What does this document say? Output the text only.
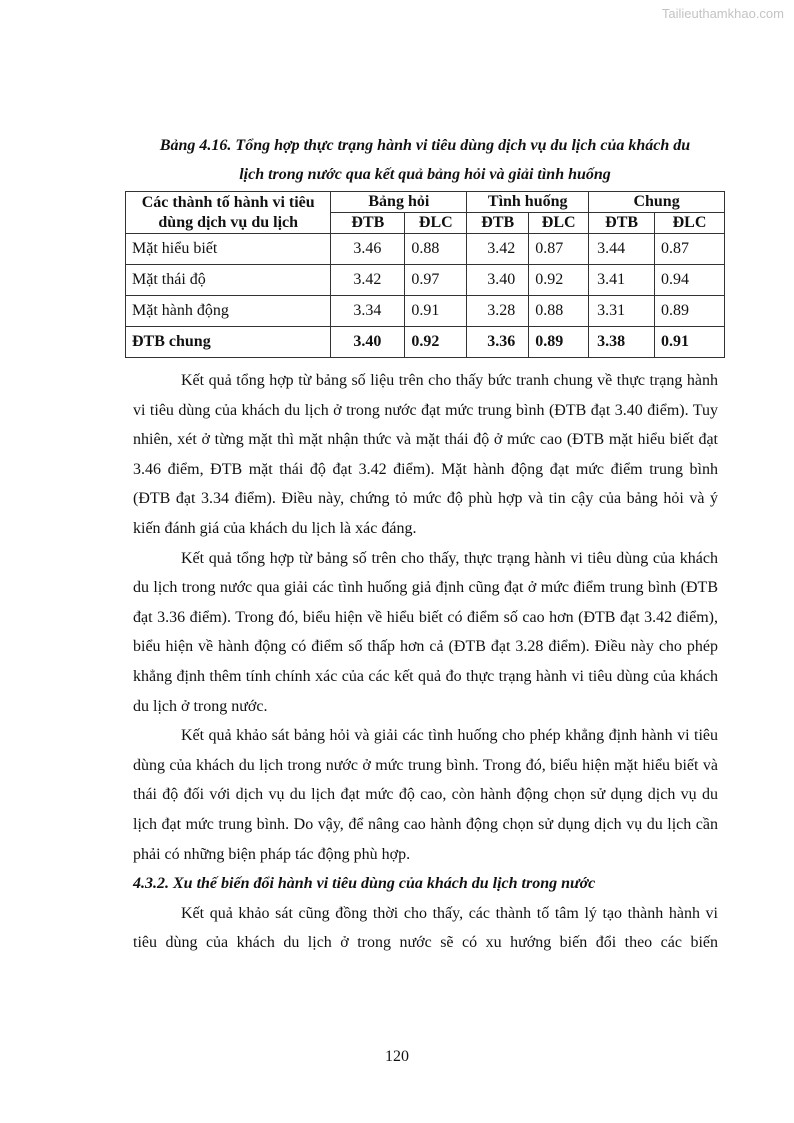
Tailieuthamkhao.com
Bảng 4.16. Tổng hợp thực trạng hành vi tiêu dùng dịch vụ du lịch của khách du
lịch trong nước qua kết quả bảng hỏi và giải tình huống
Các thành tố hành vi tiêu dùng dịch vụ du lịch	Bảng hỏi		Tình huống		Chung	
	ĐTB	ĐLC	ĐTB	ĐLC	ĐTB	ĐLC
Mặt hiểu biết	3.46	0.88	3.42	0.87	3.44	0.87
Mặt thái độ	3.42	0.97	3.40	0.92	3.41	0.94
Mặt hành động	3.34	0.91	3.28	0.88	3.31	0.89
ĐTB chung	3.40	0.92	3.36	0.89	3.38	0.91

Kết quả tổng hợp từ bảng số liệu trên cho thấy bức tranh chung về thực trạng hành vi tiêu dùng của khách du lịch ở trong nước đạt mức trung bình (ĐTB đạt 3.40 điểm). Tuy nhiên, xét ở từng mặt thì mặt nhận thức và mặt thái độ ở mức cao (ĐTB mặt hiểu biết đạt 3.46 điểm, ĐTB mặt thái độ đạt 3.42 điểm). Mặt hành động đạt mức điểm trung bình (ĐTB đạt 3.34 điểm). Điều này, chứng tỏ mức độ phù hợp và tin cậy của bảng hỏi và ý kiến đánh giá của khách du lịch là xác đáng.

Kết quả tổng hợp từ bảng số trên cho thấy, thực trạng hành vi tiêu dùng của khách du lịch trong nước qua giải các tình huống giả định cũng đạt ở mức điểm trung bình (ĐTB đạt 3.36 điểm). Trong đó, biểu hiện về hiểu biết có điểm số cao hơn (ĐTB đạt 3.42 điểm), biểu hiện về hành động có điểm số thấp hơn cả (ĐTB đạt 3.28 điểm). Điều này cho phép khẳng định thêm tính chính xác của các kết quả đo thực trạng hành vi tiêu dùng của khách du lịch ở trong nước.

Kết quả khảo sát bảng hỏi và giải các tình huống cho phép khẳng định hành vi tiêu dùng của khách du lịch trong nước ở mức trung bình. Trong đó, biểu hiện mặt hiểu biết và thái độ đối với dịch vụ du lịch đạt mức độ cao, còn hành động chọn sử dụng dịch vụ du lịch đạt mức trung bình. Do vậy, để nâng cao hành động chọn sử dụng dịch vụ du lịch cần phải có những biện pháp tác động phù hợp.

4.3.2. Xu thế biến đổi hành vi tiêu dùng của khách du lịch trong nước

Kết quả khảo sát cũng đồng thời cho thấy, các thành tố tâm lý tạo thành hành vi tiêu dùng của khách du lịch ở trong nước sẽ có xu hướng biến đổi theo các biến

120
